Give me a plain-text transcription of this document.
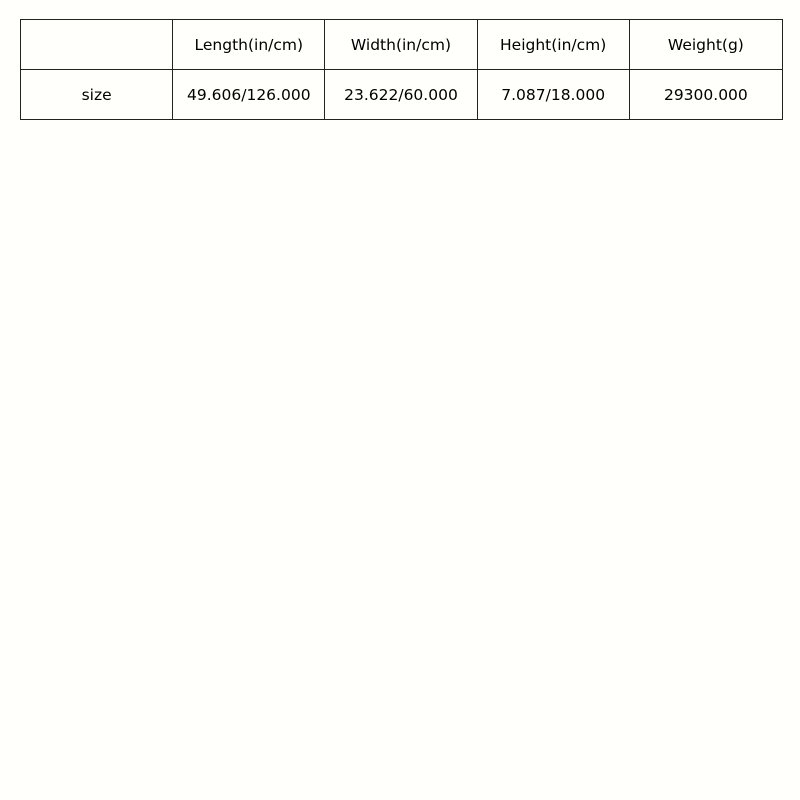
	Length(in/cm)	Width(in/cm)	Height(in/cm)	Weight(g)
size	49.606/126.000	23.622/60.000	7.087/18.000	29300.000
